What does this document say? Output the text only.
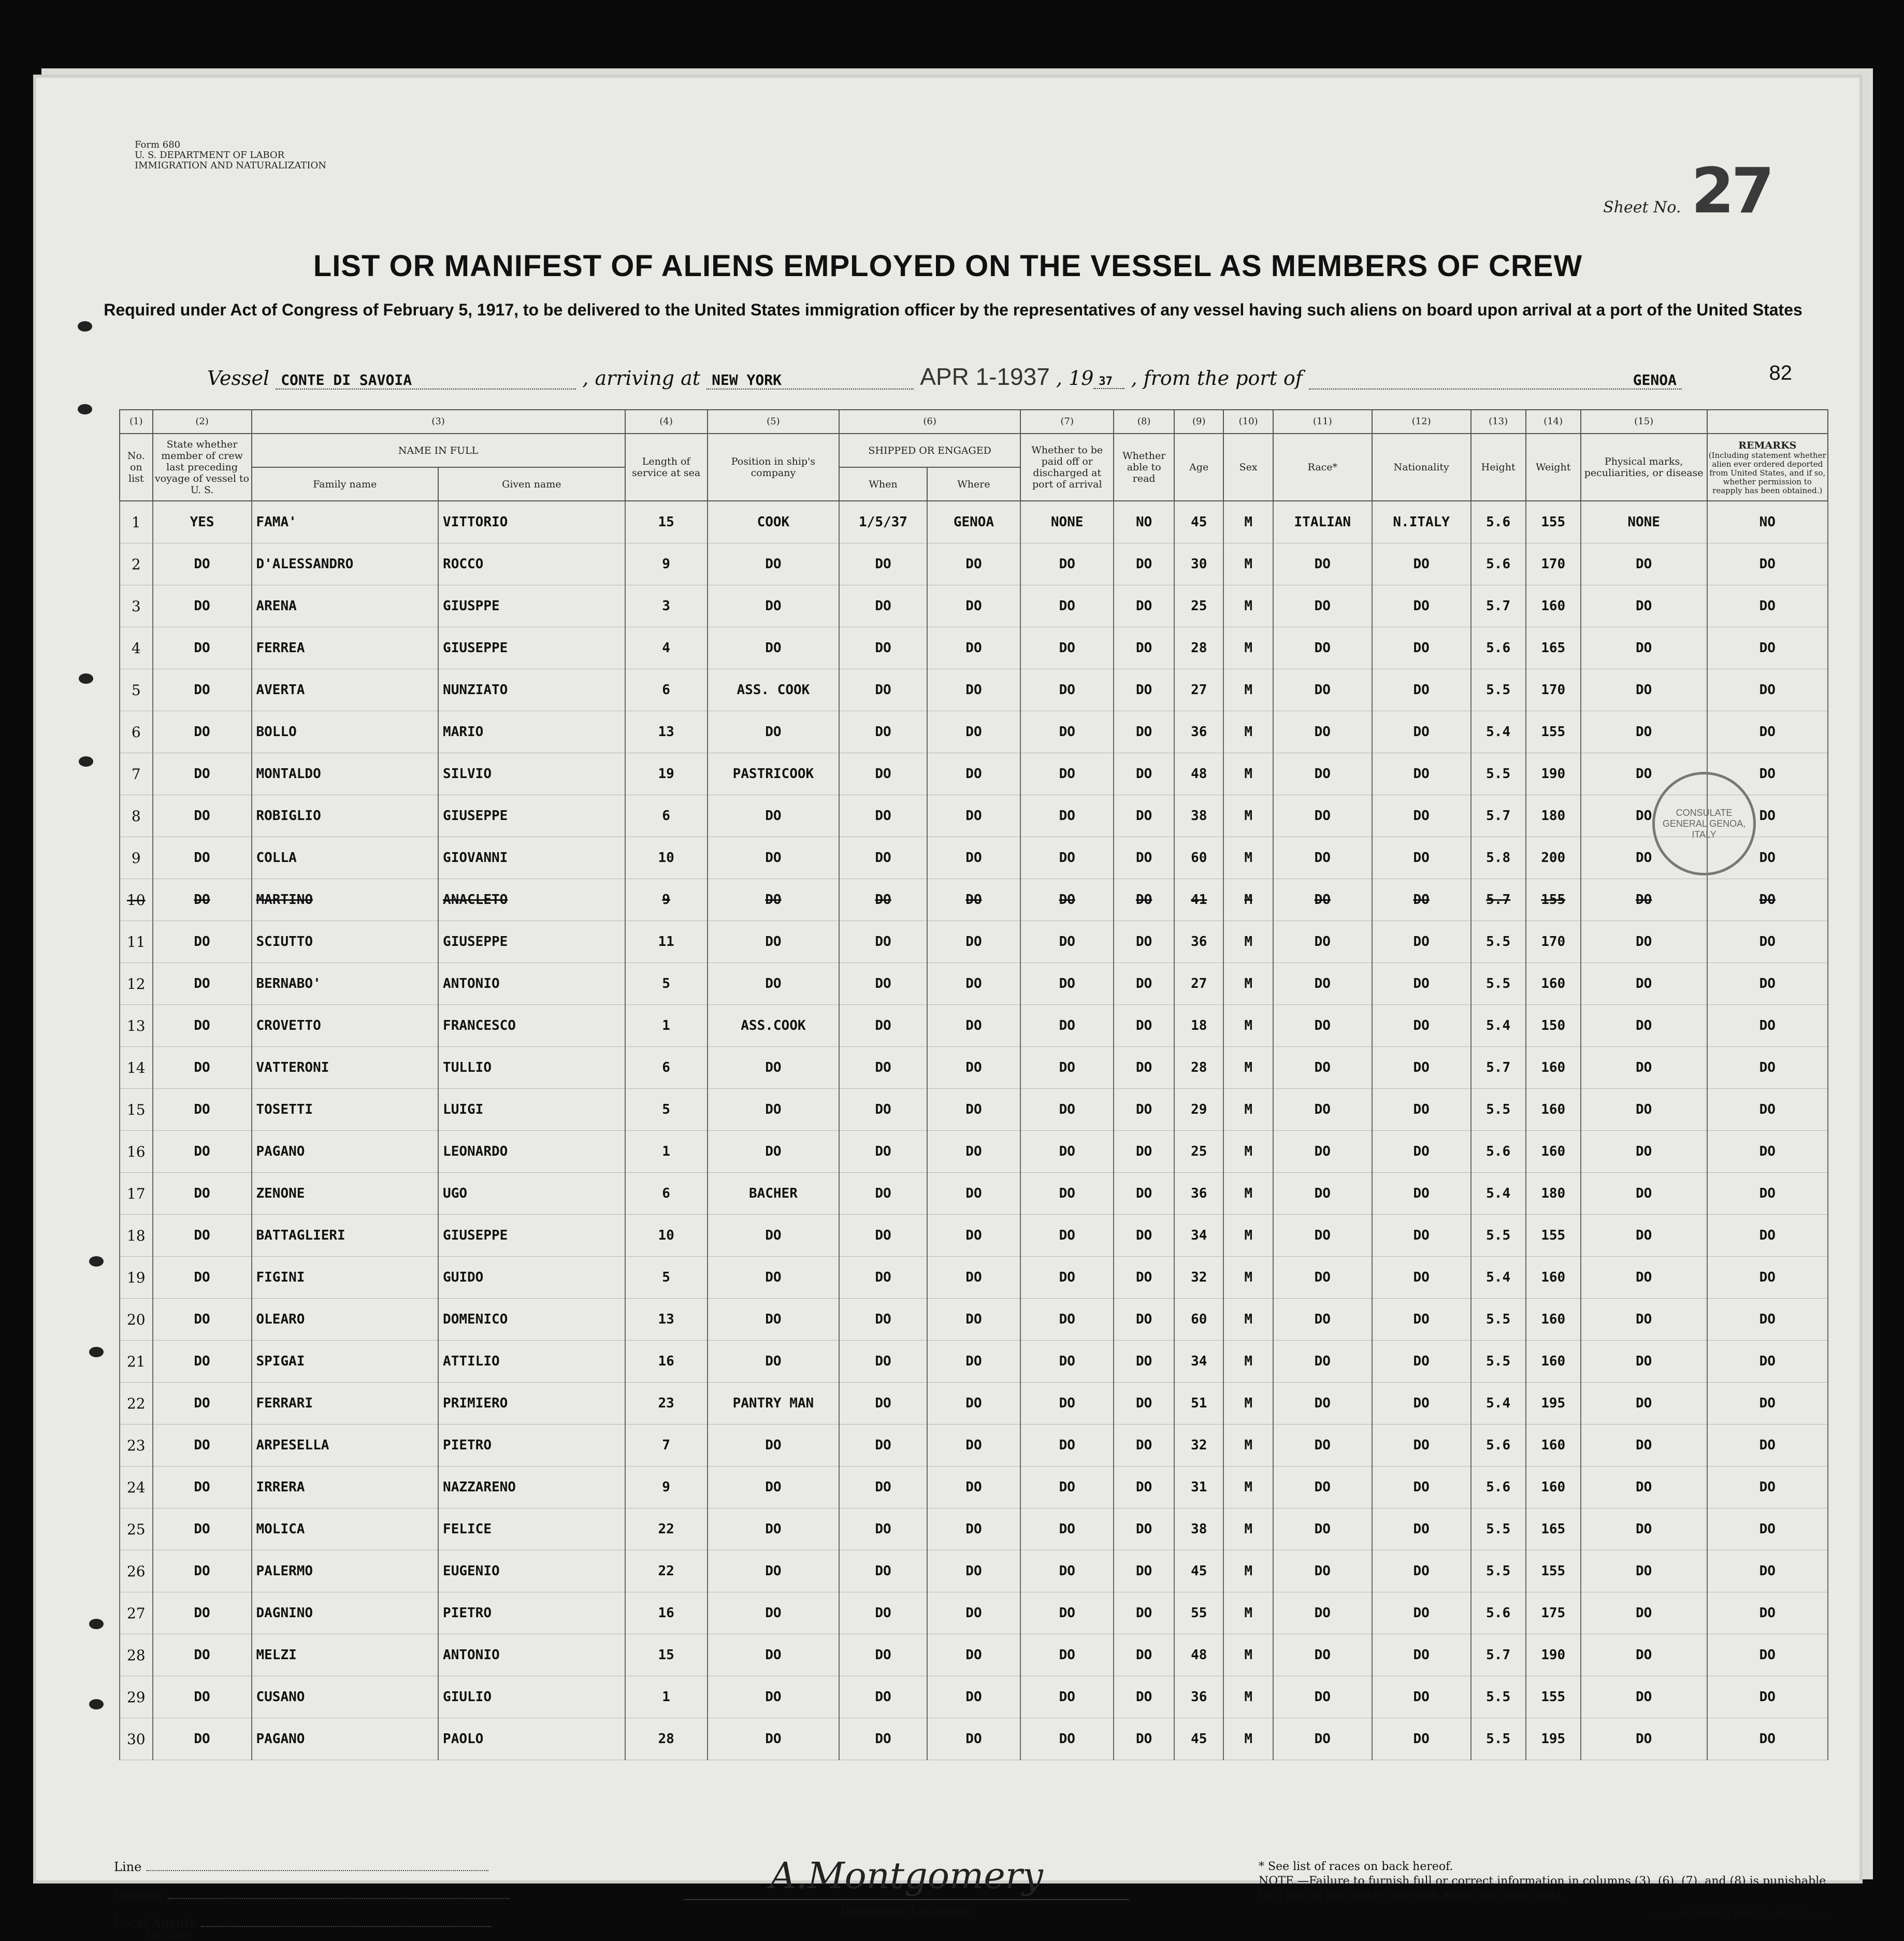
Form 680
U. S. DEPARTMENT OF LABOR
IMMIGRATION AND NATURALIZATION
Sheet No. 27
LIST OR MANIFEST OF ALIENS EMPLOYED ON THE VESSEL AS MEMBERS OF CREW
Required under Act of Congress of February 5, 1917, to be delivered to the United States immigration officer by the representatives of any vessel having such aliens on board upon arrival at a port of the United States
Vessel CONTE DI SAVOIA	, arriving at NEW YORK	APR 1-1937 , 19 37 , from the port of	GENOA	82
(1)	(2)	(3)		(4)	(5)	(6)		(7)	(8)	(9)	(10)	(11)	(12)	(13)	(14)	(15)	
No. on list	State whether member of crew last preceding voyage of vessel to U. S.	NAME IN FULL		Length of service at sea	Position in ship's company	SHIPPED OR ENGAGED		Whether to be paid off or discharged at port of arrival	Whether able to read	Age	Sex	Race*	Nationality	Height	Weight	Physical marks, peculiarities, or disease	REMARKS
(Including statement whether alien ever ordered deported from United States, and if so, whether permission to reapply has been obtained.)

		Family name	Given name			When	Where										
1	YES	FAMA'	VITTORIO	15	COOK	1/5/37	GENOA	NONE	NO	45	M	ITALIAN	N.ITALY	5.6	155	NONE	NO
2	DO	D'ALESSANDRO	ROCCO	9	DO	DO	DO	DO	DO	30	M	DO	DO	5.6	170	DO	DO
3	DO	ARENA	GIUSPPE	3	DO	DO	DO	DO	DO	25	M	DO	DO	5.7	160	DO	DO
4	DO	FERREA	GIUSEPPE	4	DO	DO	DO	DO	DO	28	M	DO	DO	5.6	165	DO	DO
5	DO	AVERTA	NUNZIATO	6	ASS. COOK	DO	DO	DO	DO	27	M	DO	DO	5.5	170	DO	DO
6	DO	BOLLO	MARIO	13	DO	DO	DO	DO	DO	36	M	DO	DO	5.4	155	DO	DO
7	DO	MONTALDO	SILVIO	19	PASTRICOOK	DO	DO	DO	DO	48	M	DO	DO	5.5	190	DO	DO
8	DO	ROBIGLIO	GIUSEPPE	6	DO	DO	DO	DO	DO	38	M	DO	DO	5.7	180	DO	DO
9	DO	COLLA	GIOVANNI	10	DO	DO	DO	DO	DO	60	M	DO	DO	5.8	200	DO	DO
10	DO	MARTINO	ANACLETO	9	DO	DO	DO	DO	DO	41	M	DO	DO	5.7	155	DO	DO
11	DO	SCIUTTO	GIUSEPPE	11	DO	DO	DO	DO	DO	36	M	DO	DO	5.5	170	DO	DO
12	DO	BERNABO'	ANTONIO	5	DO	DO	DO	DO	DO	27	M	DO	DO	5.5	160	DO	DO
13	DO	CROVETTO	FRANCESCO	1	ASS.COOK	DO	DO	DO	DO	18	M	DO	DO	5.4	150	DO	DO
14	DO	VATTERONI	TULLIO	6	DO	DO	DO	DO	DO	28	M	DO	DO	5.7	160	DO	DO
15	DO	TOSETTI	LUIGI	5	DO	DO	DO	DO	DO	29	M	DO	DO	5.5	160	DO	DO
16	DO	PAGANO	LEONARDO	1	DO	DO	DO	DO	DO	25	M	DO	DO	5.6	160	DO	DO
17	DO	ZENONE	UGO	6	BACHER	DO	DO	DO	DO	36	M	DO	DO	5.4	180	DO	DO
18	DO	BATTAGLIERI	GIUSEPPE	10	DO	DO	DO	DO	DO	34	M	DO	DO	5.5	155	DO	DO
19	DO	FIGINI	GUIDO	5	DO	DO	DO	DO	DO	32	M	DO	DO	5.4	160	DO	DO
20	DO	OLEARO	DOMENICO	13	DO	DO	DO	DO	DO	60	M	DO	DO	5.5	160	DO	DO
21	DO	SPIGAI	ATTILIO	16	DO	DO	DO	DO	DO	34	M	DO	DO	5.5	160	DO	DO
22	DO	FERRARI	PRIMIERO	23	PANTRY MAN	DO	DO	DO	DO	51	M	DO	DO	5.4	195	DO	DO
23	DO	ARPESELLA	PIETRO	7	DO	DO	DO	DO	DO	32	M	DO	DO	5.6	160	DO	DO
24	DO	IRRERA	NAZZARENO	9	DO	DO	DO	DO	DO	31	M	DO	DO	5.6	160	DO	DO
25	DO	MOLICA	FELICE	22	DO	DO	DO	DO	DO	38	M	DO	DO	5.5	165	DO	DO
26	DO	PALERMO	EUGENIO	22	DO	DO	DO	DO	DO	45	M	DO	DO	5.5	155	DO	DO
27	DO	DAGNINO	PIETRO	16	DO	DO	DO	DO	DO	55	M	DO	DO	5.6	175	DO	DO
28	DO	MELZI	ANTONIO	15	DO	DO	DO	DO	DO	48	M	DO	DO	5.7	190	DO	DO
29	DO	CUSANO	GIULIO	1	DO	DO	DO	DO	DO	36	M	DO	DO	5.5	155	DO	DO
30	DO	PAGANO	PAOLO	28	DO	DO	DO	DO	DO	45	M	DO	DO	5.5	195	DO	DO
CONSULATE GENERAL GENOA, ITALY
Line
Owners
Local Agents
14—1240
A.Montgomery
Immigrant Inspector.
* See list of races on back hereof.
NOTE.—Failure to furnish full or correct information in columns (3), (6), (7), and (8) is punishable by a fine of ten dollars for each alien. See other side.
U. S. GOVERNMENT PRINTING OFFICE: 1931
